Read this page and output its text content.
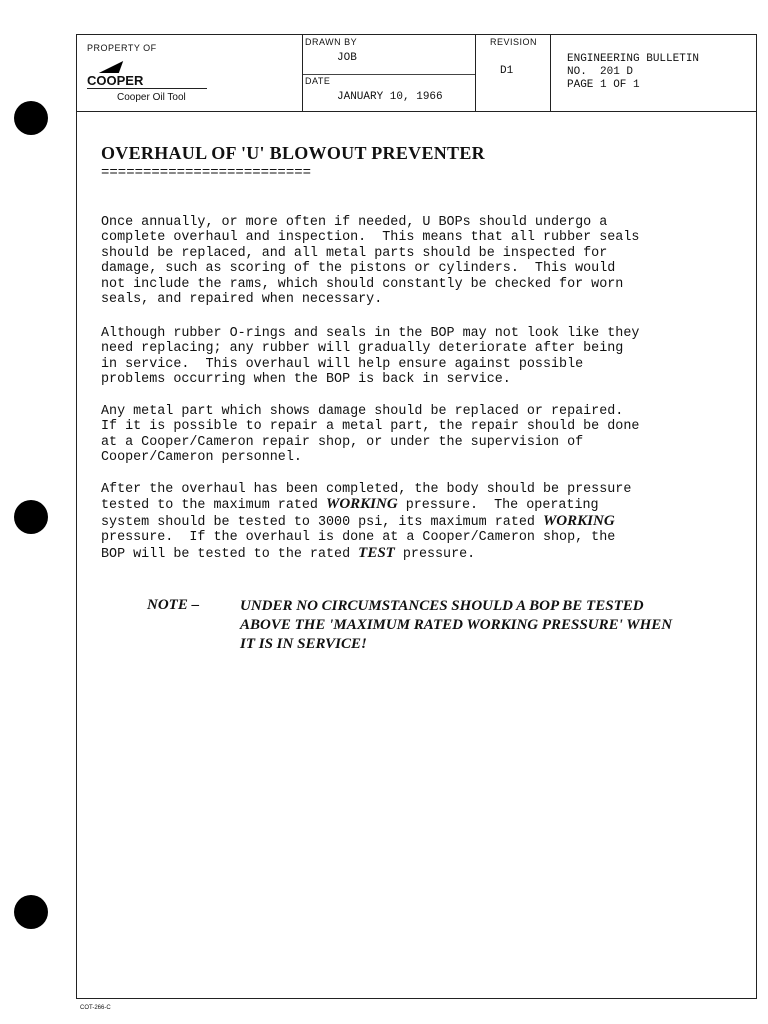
PROPERTY OF
COOPER
Cooper Oil Tool
DRAWN BY
JOB
DATE
JANUARY 10, 1966
REVISION
D1
ENGINEERING BULLETIN
NO.  201 D
PAGE 1 OF 1
OVERHAUL OF 'U' BLOWOUT PREVENTER
=========================
Once annually, or more often if needed, U BOPs should undergo a
complete overhaul and inspection.  This means that all rubber seals
should be replaced, and all metal parts should be inspected for
damage, such as scoring of the pistons or cylinders.  This would
not include the rams, which should constantly be checked for worn
seals, and repaired when necessary.
Although rubber O-rings and seals in the BOP may not look like they
need replacing; any rubber will gradually deteriorate after being
in service.  This overhaul will help ensure against possible
problems occurring when the BOP is back in service.
Any metal part which shows damage should be replaced or repaired.
If it is possible to repair a metal part, the repair should be done
at a Cooper/Cameron repair shop, or under the supervision of
Cooper/Cameron personnel.
After the overhaul has been completed, the body should be pressure
tested to the maximum rated WORKING pressure.  The operating
system should be tested to 3000 psi, its maximum rated WORKING
pressure.  If the overhaul is done at a Cooper/Cameron shop, the
BOP will be tested to the rated TEST pressure.
NOTE –	UNDER NO CIRCUMSTANCES SHOULD A BOP BE TESTED ABOVE THE 'MAXIMUM RATED WORKING PRESSURE' WHEN IT IS IN SERVICE!
COT-266-C
